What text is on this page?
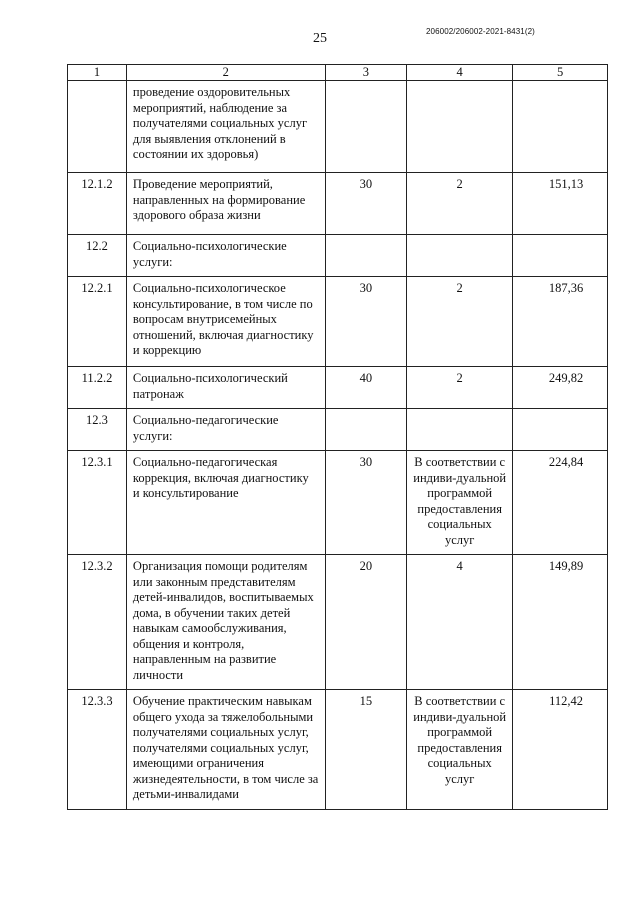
25	206002/206002-2021-8431(2)
1	2	3	4	5
	проведение оздоровительных мероприятий, наблюдение за получателями социальных услуг для выявления отклонений в состоянии их здоровья)			
12.1.2	Проведение мероприятий, направленных на формирование здорового образа жизни	30	2	151,13
12.2	Социально-психологические услуги:			
12.2.1	Социально-психологическое консультирование, в том числе по вопросам внутрисемейных отношений, включая диагностику и коррекцию	30	2	187,36
11.2.2	Социально-психологический патронаж	40	2	249,82
12.3	Социально-педагогические услуги:			
12.3.1	Социально-педагогическая коррекция, включая диагностику и консультирование	30	В соответствии с индиви-дуальной программой предоставления социальных услуг	224,84
12.3.2	Организация помощи родителям или законным представителям детей-инвалидов, воспитываемых дома, в обучении таких детей навыкам самообслуживания, общения и контроля, направленным на развитие личности	20	4	149,89
12.3.3	Обучение практическим навыкам общего ухода за тяжелобольными получателями социальных услуг, получателями социальных услуг, имеющими ограничения жизнедеятельности, в том числе за детьми-инвалидами	15	В соответствии с индиви-дуальной программой предоставления социальных услуг	112,42
